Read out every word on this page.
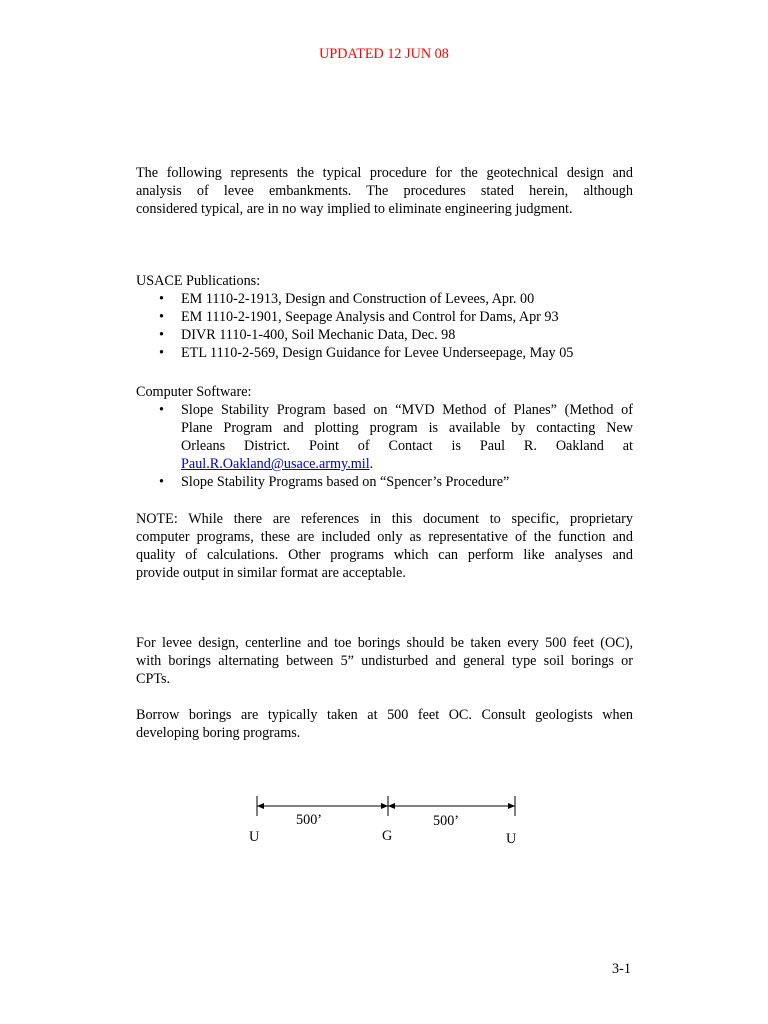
UPDATED 12 JUN 08
The following represents the typical procedure for the geotechnical design and
analysis of levee embankments. The procedures stated herein, although
considered typical, are in no way implied to eliminate engineering judgment.
USACE Publications:
• EM 1110-2-1913, Design and Construction of Levees, Apr. 00
• EM 1110-2-1901, Seepage Analysis and Control for Dams, Apr 93
• DIVR 1110-1-400, Soil Mechanic Data, Dec. 98
• ETL 1110-2-569, Design Guidance for Levee Underseepage, May 05
Computer Software:
• Slope Stability Program based on “MVD Method of Planes” (Method of
Plane Program and plotting program is available by contacting New
Orleans District. Point of Contact is Paul R. Oakland at
Paul.R.Oakland@usace.army.mil.
• Slope Stability Programs based on “Spencer’s Procedure”
NOTE: While there are references in this document to specific, proprietary
computer programs, these are included only as representative of the function and
quality of calculations. Other programs which can perform like analyses and
provide output in similar format are acceptable.
For levee design, centerline and toe borings should be taken every 500 feet (OC),
with borings alternating between 5” undisturbed and general type soil borings or
CPTs.
Borrow borings are typically taken at 500 feet OC. Consult geologists when
developing boring programs.
500’	500’
U	G	U
3-1
